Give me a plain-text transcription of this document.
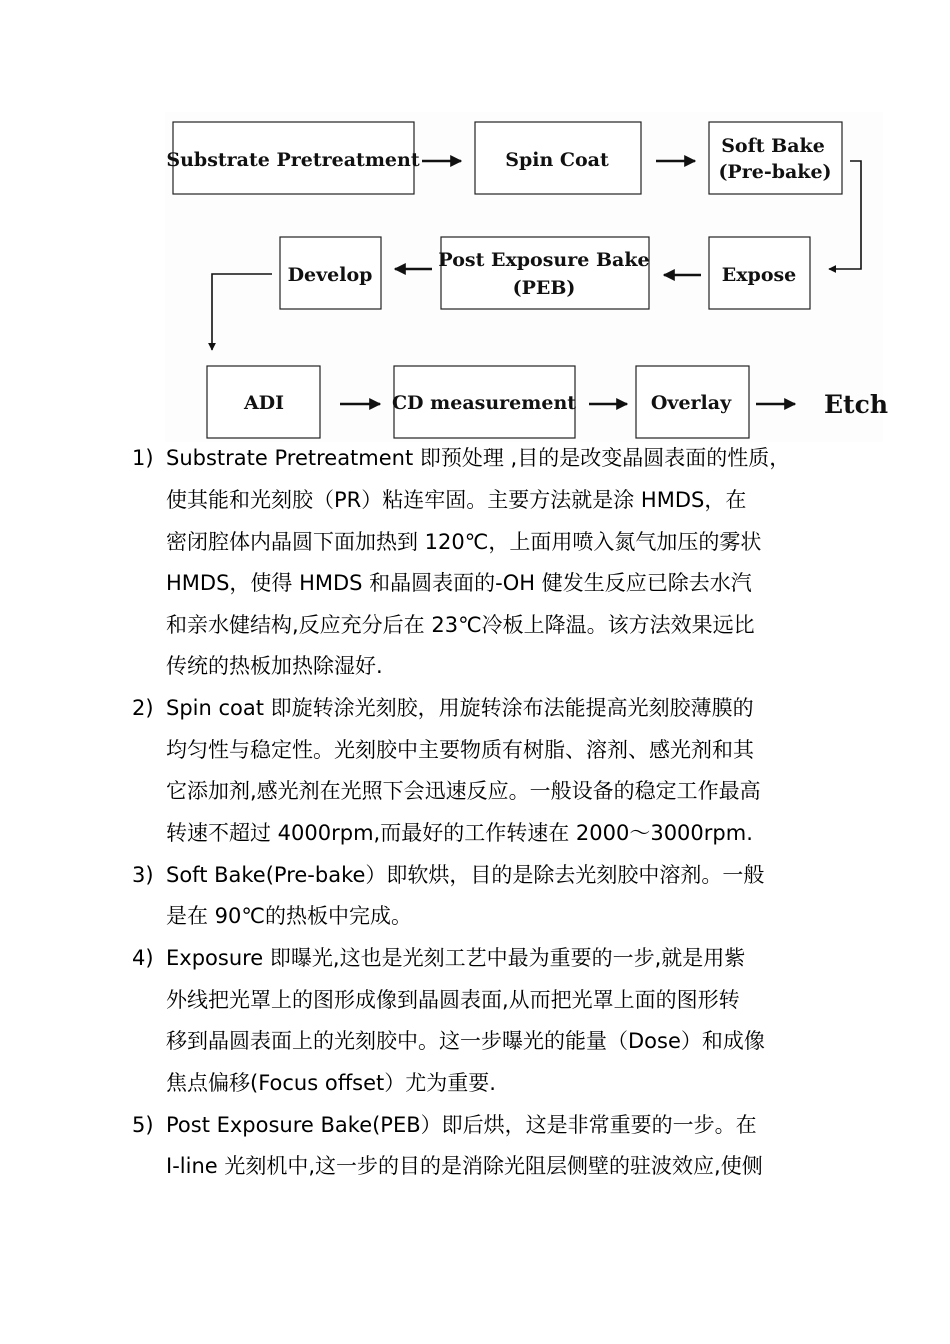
Substrate Pretreatment	Spin Coat
Soft Bake
(Pre-bake)
Develop
Post Exposure Bake
(PEB)
Expose
ADI	CD measurement	Overlay	Etch
1) Substrate Pretreatment 即预处理 ,目的是改变晶圆表面的性质，
使其能和光刻胶（PR）粘连牢固。主要方法就是涂 HMDS，在
密闭腔体内晶圆下面加热到 120℃，上面用喷入氮气加压的雾状
HMDS，使得 HMDS 和晶圆表面的-OH 健发生反应已除去水汽
和亲水健结构,反应充分后在 23℃冷板上降温。该方法效果远比
传统的热板加热除湿好.
2) Spin coat 即旋转涂光刻胶，用旋转涂布法能提高光刻胶薄膜的
均匀性与稳定性。光刻胶中主要物质有树脂、溶剂、感光剂和其
它添加剂,感光剂在光照下会迅速反应。一般设备的稳定工作最高
转速不超过 4000rpm,而最好的工作转速在 2000～3000rpm.
3) Soft Bake(Pre-bake）即软烘，目的是除去光刻胶中溶剂。一般
是在 90℃的热板中完成。
4) Exposure 即曝光,这也是光刻工艺中最为重要的一步,就是用紫
外线把光罩上的图形成像到晶圆表面,从而把光罩上面的图形转
移到晶圆表面上的光刻胶中。这一步曝光的能量（Dose）和成像
焦点偏移(Focus offset）尤为重要.
5) Post Exposure Bake(PEB）即后烘，这是非常重要的一步。在
I-line 光刻机中,这一步的目的是消除光阻层侧壁的驻波效应,使侧
